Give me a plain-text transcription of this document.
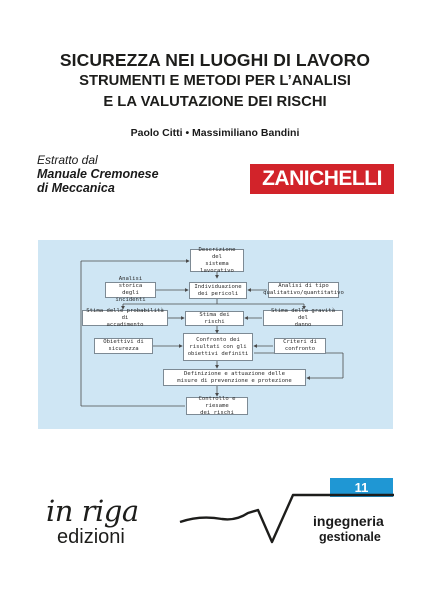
SICUREZZA NEI LUOGHI DI LAVORO
STRUMENTI E METODI PER L’ANALISI
E LA VALUTAZIONE DEI RISCHI
Paolo Citti • Massimiliano Bandini
Estratto dal
Manuale Cremonese
di Meccanica	ZANICHELLI
Descrizione del
sistema
lavorativo
Analisi storica
degli incidenti
Individuazione
dei pericoli
Analisi di tipo
qualitativo/quantitativo
Stima delle probabilità di
accadimento
Stima dei rischi
Stima della gravità del
danno
Obiettivi di
sicurezza
Confronto dei
risultati con gli
obiettivi definiti
Criteri di
confronto
Definizione e attuazione delle
misure di prevenzione e protezione
Controllo e riesame
dei rischi
11
in riga
edizioni
ingegneria
gestionale
